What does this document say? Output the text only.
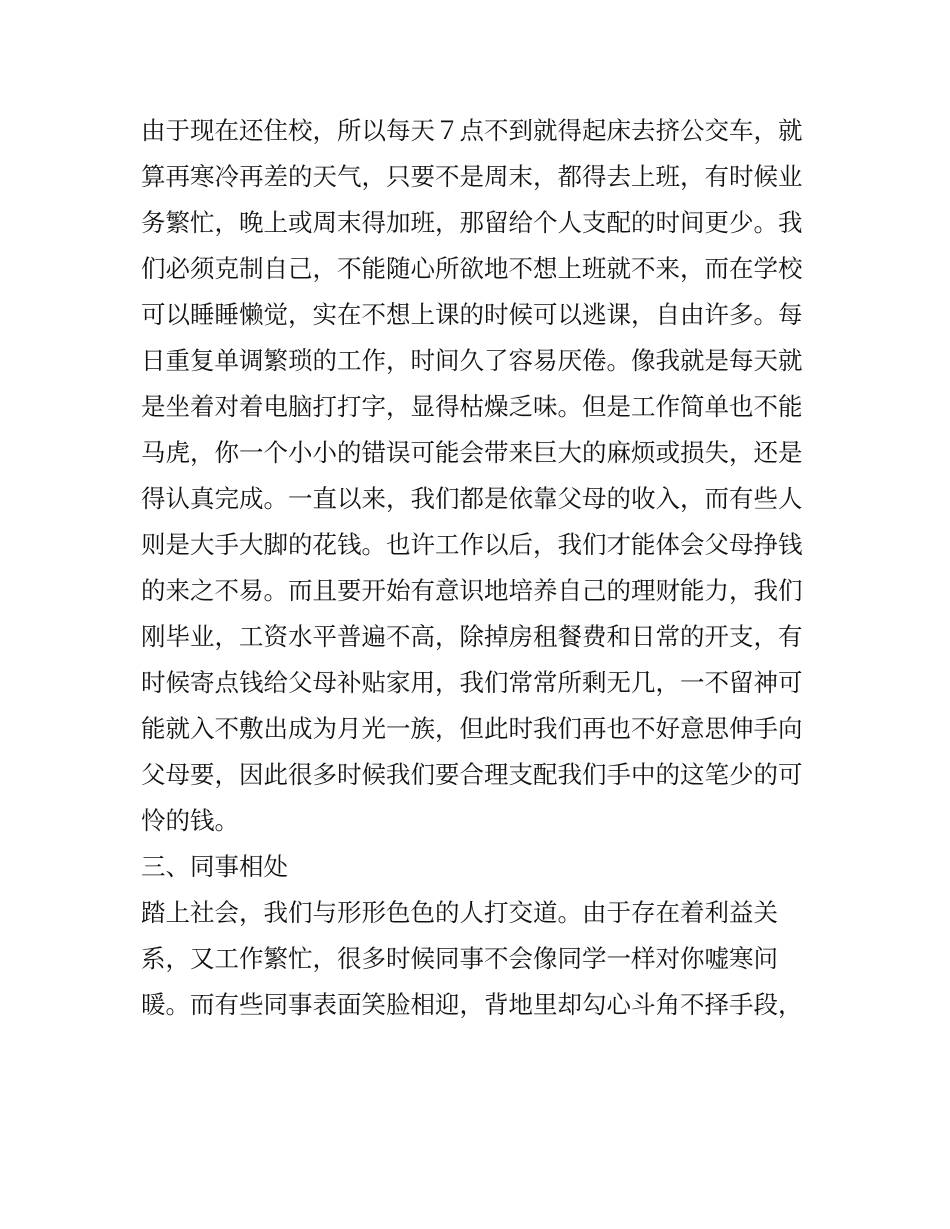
由于现在还住校，所以每天７点不到就得起床去挤公交车，就
算再寒冷再差的天气，只要不是周末，都得去上班，有时候业
务繁忙，晚上或周末得加班，那留给个人支配的时间更少。我
们必须克制自己，不能随心所欲地不想上班就不来，而在学校
可以睡睡懒觉，实在不想上课的时候可以逃课，自由许多。每
日重复单调繁琐的工作，时间久了容易厌倦。像我就是每天就
是坐着对着电脑打打字，显得枯燥乏味。但是工作简单也不能
马虎，你一个小小的错误可能会带来巨大的麻烦或损失，还是
得认真完成。一直以来，我们都是依靠父母的收入，而有些人
则是大手大脚的花钱。也许工作以后，我们才能体会父母挣钱
的来之不易。而且要开始有意识地培养自己的理财能力，我们
刚毕业，工资水平普遍不高，除掉房租餐费和日常的开支，有
时候寄点钱给父母补贴家用，我们常常所剩无几，一不留神可
能就入不敷出成为月光一族，但此时我们再也不好意思伸手向
父母要，因此很多时候我们要合理支配我们手中的这笔少的可
怜的钱。
三、同事相处
踏上社会，我们与形形色色的人打交道。由于存在着利益关
系，又工作繁忙，很多时候同事不会像同学一样对你嘘寒问
暖。而有些同事表面笑脸相迎，背地里却勾心斗角不择手段，
